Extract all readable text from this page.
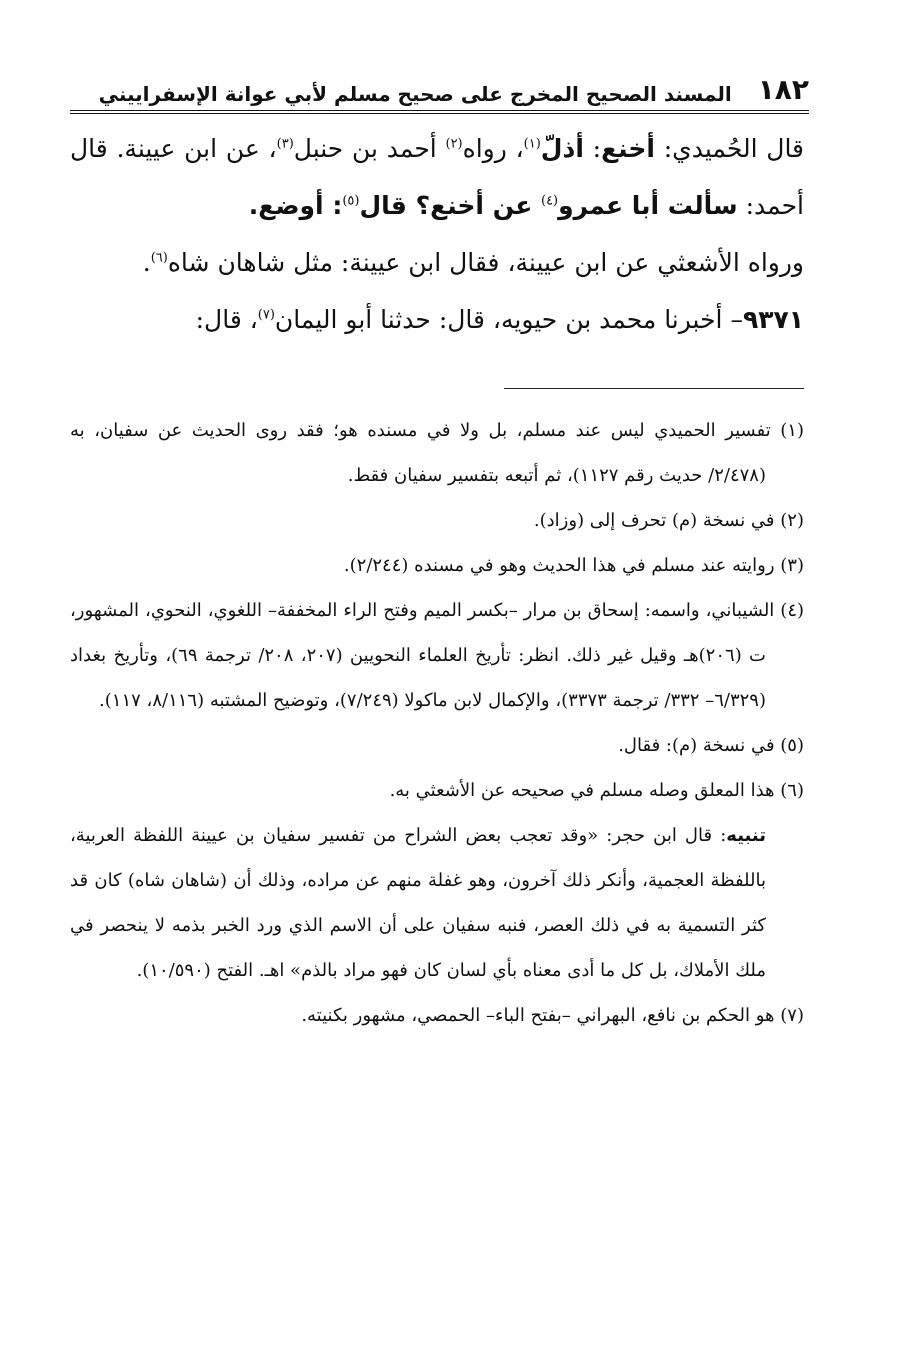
١٨٢
المسند الصحيح المخرج على صحيح مسلم لأبي عوانة الإسفراييني

قال الحُميدي: أخنع: أذلّ$^{(١)}$، رواه$^{(٢)}$ أحمد بن حنبل$^{(٣)}$، عن ابن عيينة. قال أحمد: سألت أبا عمرو$^{(٤)}$ عن أخنع؟ قال$^{(٥)}$: أوضع.

ورواه الأشعثي عن ابن عيينة، فقال ابن عيينة: مثل شاهان شاه$^{(٦)}$.

٩٣٧١– أخبرنا محمد بن حيويه، قال: حدثنا أبو اليمان$^{(٧)}$، قال:

(١) تفسير الحميدي ليس عند مسلم، بل ولا في مسنده هو؛ فقد روى الحديث عن سفيان، به (٢/٤٧٨/ حديث رقم ١١٢٧)، ثم أتبعه بتفسير سفيان فقط.

(٢) في نسخة (م) تحرف إلى (وزاد).

(٣) روايته عند مسلم في هذا الحديث وهو في مسنده (٢/٢٤٤).

(٤) الشيباني، واسمه: إسحاق بن مرار –بكسر الميم وفتح الراء المخففة– اللغوي، النحوي، المشهور، ت (٢٠٦)هـ وقيل غير ذلك. انظر: تأريخ العلماء النحويين (٢٠٧، ٢٠٨/ ترجمة ٦٩)، وتأريخ بغداد (٦/٣٢٩– ٣٣٢/ ترجمة ٣٣٧٣)، والإكمال لابن ماكولا (٧/٢٤٩)، وتوضيح المشتبه (٨/١١٦، ١١٧).

(٥) في نسخة (م): فقال.

(٦) هذا المعلق وصله مسلم في صحيحه عن الأشعثي به.

تنبيه: قال ابن حجر: «وقد تعجب بعض الشراح من تفسير سفيان بن عيينة اللفظة العربية، باللفظة العجمية، وأنكر ذلك آخرون، وهو غفلة منهم عن مراده، وذلك أن (شاهان شاه) كان قد كثر التسمية به في ذلك العصر، فنبه سفيان على أن الاسم الذي ورد الخبر بذمه لا ينحصر في ملك الأملاك، بل كل ما أدى معناه بأي لسان كان فهو مراد بالذم» اهـ. الفتح (١٠/٥٩٠).

(٧) هو الحكم بن نافع، البهراني –بفتح الباء– الحمصي، مشهور بكنيته.
